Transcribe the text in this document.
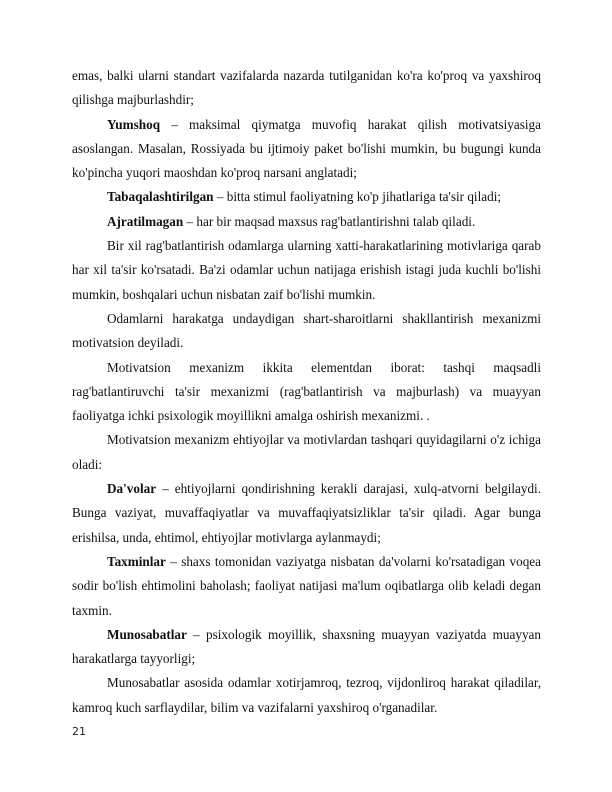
emas, balki ularni standart vazifalarda nazarda tutilganidan ko'ra ko'proq va yaxshiroq qilishga majburlashdir;

Yumshoq – maksimal qiymatga muvofiq harakat qilish motivatsiyasiga asoslangan. Masalan, Rossiyada bu ijtimoiy paket bo'lishi mumkin, bu bugungi kunda ko'pincha yuqori maoshdan ko'proq narsani anglatadi;

Tabaqalashtirilgan – bitta stimul faoliyatning ko'p jihatlariga ta'sir qiladi;

Ajratilmagan – har bir maqsad maxsus rag'batlantirishni talab qiladi.

Bir xil rag'batlantirish odamlarga ularning xatti-harakatlarining motivlariga qarab har xil ta'sir ko'rsatadi. Ba'zi odamlar uchun natijaga erishish istagi juda kuchli bo'lishi mumkin, boshqalari uchun nisbatan zaif bo'lishi mumkin.

Odamlarni harakatga undaydigan shart-sharoitlarni shakllantirish mexanizmi motivatsion deyiladi.

Motivatsion mexanizm ikkita elementdan iborat: tashqi maqsadli rag'batlantiruvchi ta'sir mexanizmi (rag'batlantirish va majburlash) va muayyan faoliyatga ichki psixologik moyillikni amalga oshirish mexanizmi. .

Motivatsion mexanizm ehtiyojlar va motivlardan tashqari quyidagilarni o'z ichiga oladi:

Da'volar – ehtiyojlarni qondirishning kerakli darajasi, xulq-atvorni belgilaydi. Bunga vaziyat, muvaffaqiyatlar va muvaffaqiyatsizliklar ta'sir qiladi. Agar bunga erishilsa, unda, ehtimol, ehtiyojlar motivlarga aylanmaydi;

Taxminlar – shaxs tomonidan vaziyatga nisbatan da'volarni ko'rsatadigan voqea sodir bo'lish ehtimolini baholash; faoliyat natijasi ma'lum oqibatlarga olib keladi degan taxmin.

Munosabatlar – psixologik moyillik, shaxsning muayyan vaziyatda muayyan harakatlarga tayyorligi;

Munosabatlar asosida odamlar xotirjamroq, tezroq, vijdonliroq harakat qiladilar, kamroq kuch sarflaydilar, bilim va vazifalarni yaxshiroq o'rganadilar.

21
